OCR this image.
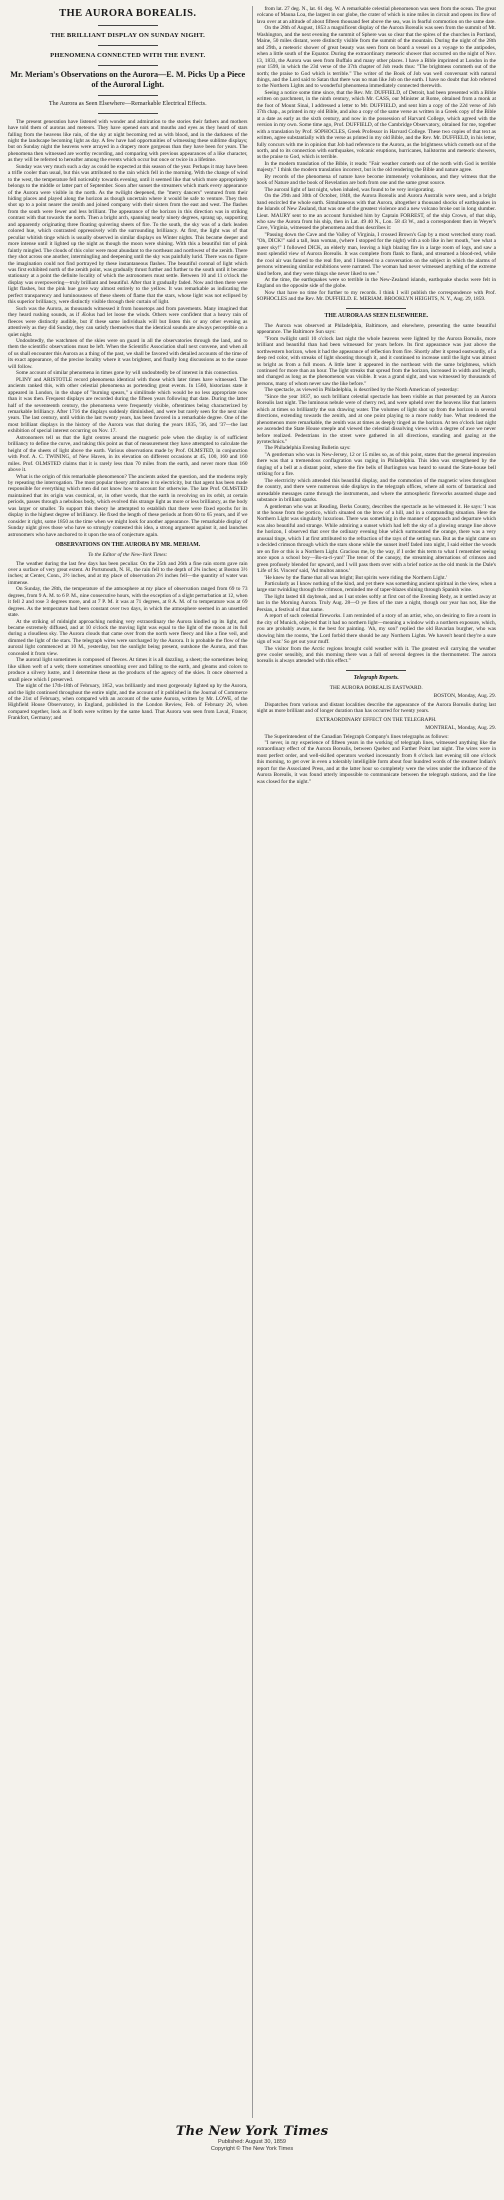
THE AURORA BOREALIS.
THE BRILLIANT DISPLAY ON SUNDAY NIGHT.
PHENOMENA CONNECTED WITH THE EVENT.
Mr. Meriam's Observations on the Aurora—E. M. Picks Up a Piece of the Auroral Light.
The Aurora as Seen Elsewhere—Remarkable Electrical Effects.

The present generation have listened with wonder and admiration to the stories their fathers and mothers have told them of auroras and meteors. They have opened ears and mouths and eyes as they heard of stars falling from the heavens like rain, of the sky at night becoming red as with blood, and in the darkness of the night the landscape becoming light as day. A few have had opportunities of witnessing these sublime displays; but on Sunday night the heavens were arrayed in a drapery more gorgeous than they have been for years. The phenomena then witnessed are worthy recording, and comparing with previous appearances of a like character, as they will be referred to hereafter among the events which occur but once or twice in a lifetime.

Sunday was very much such a day as could be expected at this season of the year. Perhaps it may have been a trifle cooler than usual, but this was attributed to the rain which fell in the morning. With the change of wind to the west, the temperature fell noticeably towards evening, until it seemed like that which more appropriately belongs to the middle or latter part of September. Soon after sunset the streamers which mark every appearance of the Aurora were visible in the north. As the twilight deepened, the "merry dancers" ventured from their hiding places and played along the horizon as though uncertain where it would be safe to venture. They then shot up to a point nearer the zenith and joined company with their sisters from the east and west. The flashes from the south were fewer and less brilliant. The appearance of the horizon in this direction was in striking contrast with that towards the north. Then a bright arch, spanning nearly ninety degrees, sprang up, supporting and apparently originating three floating quivering sheets of fire. To the south, the sky was of a dark leaden colored hue, which contrasted oppressively with the surrounding brilliancy. At first, the light was of that peculiar whitish tinge which is usually observed in similar displays on Winter nights. This became deeper and more intense until it lighted up the night as though the moon were shining. With this a beautiful tint of pink faintly mingled. The clouds of this color were most abundant to the northeast and northwest of the zenith. There they shot across one another, intermingling and deepening until the sky was painfully lurid. There was no figure the imagination could not find portrayed by these instantaneous flashes. The beautiful coronal of light which was first exhibited north of the zenith point, was gradually thrust further and further to the south until it became stationary at a point the definite locality of which the astronomers must settle. Between 10 and 11 o'clock the display was overpowering—truly brilliant and beautiful. After that it gradually faded. Now and then there were light flashes, but the pink hue gave way almost entirely to the yellow. It was remarkable as indicating the perfect transparency and luminousness of these sheets of flame that the stars, whose light was not eclipsed by this superior brilliancy, were distinctly visible through their curtain of light.

Such was the Aurora, as thousands witnessed it from housetops and from pavements. Many imagined that they heard rushing sounds, as if Æolus had let loose the winds. Others were confident that a heavy rain of fleeces were distinctly audible, but if these same individuals will but listen this or any other evening as attentively as they did Sunday, they can satisfy themselves that the identical sounds are always perceptible on a quiet night.

Undoubtedly, the watchmen of the skies were on guard in all the observatories through the land, and to them the scientific observations must be left. When the Scientific Association shall next convene, and when all of us shall encounter this Aurora as a thing of the past, we shall be favored with detailed accounts of the time of its exact appearance, of the precise locality where it was brightest, and finally long discussions as to the cause will follow.

Some account of similar phenomena in times gone by will undoubtedly be of interest in this connection.

PLINY and ARISTOTLE record phenomena identical with those which later times have witnessed. The ancients ranked this, with other celestial phenomena as portending great events. In 1560, historians state it appeared in London, in the shape of "burning spears," a similitude which would be no less appropriate now than it was then. Frequent displays are recorded during the fifteen years following that date. During the latter half of the seventeenth century, the phenomena were frequently visible, oftentimes being characterized by remarkable brilliancy. After 1716 the displays suddenly diminished, and were but rarely seen for the next nine years. The last century, until within the last twenty years, has been favored in a remarkable degree. One of the most brilliant displays in the history of the Aurora was that during the years 1835, '36, and '37—the last exhibition of special interest occurring on Nov. 17.

Astronomers tell us that the light centres around the magnetic pole when the display is of sufficient brilliancy to define the curve, and taking this point as that of measurement they have attempted to calculate the height of the sheets of light above the earth. Various observations made by Prof. OLMSTED, in conjunction with Prof. A. C. TWINING, of New Haven, in its elevation on different occasions at 45, 100, 160 and 160 miles. Prof. OLMSTED claims that it is rarely less than 70 miles from the earth, and never more than 160 above it.

What is the origin of this remarkable phenomenon? The ancients asked the question, and the moderns reply by repeating the interrogation. The most popular theory attributes it to electricity, but that agent has been made responsible for everything which men did not know how to account for otherwise. The late Prof. OLMSTED maintained that its origin was cosmical, or, in other words, that the earth in revolving on its orbit, at certain periods, passes through a nebulous body, which evolved this strange light as more or less brilliancy, as the body was larger or smaller. To support this theory he attempted to establish that there were fixed epochs for its display in the highest degree of brilliancy. He fixed the length of these periods at from 60 to 65 years, and if we consider it right, some 1850 as the time when we might look for another appearance. The remarkable display of Sunday night gives those who have so strongly contested this idea, a strong argument against it, and launches astronomers who have anchored to it upon the sea of conjecture again.

OBSERVATIONS ON THE AURORA BY MR. MERIAM.
To the Editor of the New-York Times:

The weather during the last few days has been peculiar. On the 25th and 26th a fine rain storm gave rain over a surface of very great extent. At Portsmouth, N. H., the rain fell to the depth of 2¾ inches; at Boston 3½ inches; at Center, Conn., 2½ inches, and at my place of observation 2½ inches fell—the quantity of water was immense.

On Sunday, the 28th, the temperature of the atmosphere at my place of observation ranged from 69 to 73 degrees, from 9 A. M. to 6 P. M., nine consecutive hours, with the exception of a slight perturbation at 12, when it fell 2 and rose 3 degrees more, and at 7 P. M. it was at 71 degrees, at 8 A. M. of to temperature was at 69 degrees. As the temperature had been constant over two days, in which the atmosphere seemed in an unsettled state.

At the striking of midnight approaching nothing very extraordinary the Aurora kindled up its light, and became extremely diffused, and at 10 o'clock the moving light was equal to the light of the moon at its full during a cloudless sky. The Aurora clouds that came over from the north were fleecy and like a fine veil, and dimmed the light of the stars. The telegraph wires were surcharged by the Aurora. It is probable the flow of the auroral light commenced at 10 M., yesterday, but the sunlight being present, outshone the Aurora, and thus concealed it from view.

The auroral light sometimes is composed of fleeces. At times it is all dazzling, a sheet; the sometimes being like silken weft of a web; there sometimes smoothing over and falling to the earth, and gleams and colors to produce a silvery lustre, and I determine these as the products of the agency of the skies. It once observed a small piece which I preserved.

The night of the 17th-18th of February, 1852, was brilliantly and most gorgeously lighted up by the Aurora, and the light continued throughout the entire night, and the account of it published in the Journal of Commerce of the 21st of February, when compared with an account of the same Aurora, written by Mr. LOWE, of the Highfield House Observatory, in England, published in the London Review, Feb. of February 26, when compared together, look as if both were written by the same hand. That Aurora was seen from Laval, France; Frankfort, Germany; and

from lat. 27 deg. N., lat. 61 deg. W. A remarkable celestial phenomenon was seen from the ocean. The great volcano of Mauna Loa, the largest in our globe, the crater of which is nine miles in circuit and opens its flow of lava over at an altitude of about fifteen thousand feet above the sea, was in fearful commotion on the same date.

On the 28th of August, 1853 a magnificent display of the Aurora Borealis was seen from the summit of Mt. Washington, and the next evening the summit of Sphere was so clear that the spires of the churches in Portland, Maine, 50 miles distant, were distinctly visible from the summit of the mountain. During the night of the 28th and 29th, a meteoric shower of great beauty was seen from on board a vessel on a voyage to the antipodes, when a little south of the Equator. During the extraordinary meteoric shower that occurred on the night of Nov. 13, 1833, the Aurora was seen from Buffalo and many other places. I have a Bible imprinted at London in the year 1599, in which the 23d verse of the 37th chapter of Job reads thus: "The brightness commeth out of the north; the praise to God which is terrible." The writer of the Book of Job was well conversant with natural things, and the Lord said to Satan that there was no man like Job on the earth. I have no doubt that Job referred to the Northern Lights and to wonderful phenomena immediately connected therewith.

Seeing a notice some time since, that the Rev. Mr. DUFFIELD, of Detroit, had been presented with a Bible written on parchment, in the ninth century, which Mr. CASS, our Minister at Rome, obtained from a monk at the foot of Mount Sinai, I addressed a letter to Mr. DUFFIELD, and sent him a copy of the 22d verse of Job 37th chap., as printed in my old Bible, and also a copy of the same verse as written in a Greek copy of the Bible at a date as early as the sixth century, and now in the possession of Harvard College, which agreed with the version in my own. Some time ago, Prof. DUFFIELD, of the Cambridge Observatory, obtained for me, together with a translation by Prof. SOPHOCLES, Greek Professor in Harvard College. These two copies of that text as written, agree substantially with the verse as printed in my old Bible, and the Rev. Mr. DUFFIELD, in his letter, fully concurs with me in opinion that Job had reference to the Aurora, as the brightness which cometh out of the north, and to its connection with earthquakes, volcanic eruptions, hurricanes, hailstorms and meteoric showers, as the praise to God, which is terrible.

In the modern translation of the Bible, it reads: "Fair weather cometh out of the north with God is terrible majesty." I think the modern translation incorrect, but is the old rendering the Bible and nature agree.

By records of the phenomena of nature have become immensely voluminous, and they witness that the book of Nature and the book of Revelation are both from one and the same great source.

The auroral light of last night, when inhaled, was found to be very invigorating.

On the 29th and 30th of October, 1848, the Aurora Borealis and Aurora Australis were seen, and a bright band encircled the whole earth. Simultaneous with that Aurora, altogether a thousand shocks of earthquakes in the Islands of New Zealand, that was one of the greatest violence and a new volcano broke out in long slumber. Lieut. MAURY sent to me an account furnished him by Captain FORREST, of the ship Crown, of that ship, who saw the Aurora from his ship, then in Lat. 49 40 N., Lon. 58 43 W., and a correspondent then in Weyer's Cave, Virginia, witnessed the phenomena and thus describes it:

"Passing down the Cave and the Valley of Virginia, I crossed Brown's Gap by a most wretched stony road. "Oh, DICK!" said a tall, lean woman, (where I stopped for the night) with a sob like in her mouth, "see what a queer sky!" I followed DICK, an elderly man, leaving a high blazing fire in a large room of logs, and saw a most splendid view of Aurora Borealis. It was complete from flank to flank, and streamed a blood-red, while the cool air was fanned to the real fire, and I listened to a conversation on the subject in which the alarms of persons witnessing similar exhibitions were narrated. The woman had never witnessed anything of the extreme kind before, and they were things she never liked to see."

At the time, the earthquakes were so terrible in the New-Zealand islands, earthquake shocks were felt in England on the opposite side of the globe.

Now that have no time for further to my records. I think I will publish the correspondence with Prof. SOPHOCLES and the Rev. Mr. DUFFIELD. E. MERIAM. BROOKLYN HEIGHTS, N. Y., Aug. 29, 1859.

THE AURORA AS SEEN ELSEWHERE.

The Aurora was observed at Philadelphia, Baltimore, and elsewhere, presenting the same beautiful appearance. The Baltimore Sun says:

"From twilight until 10 o'clock last night the whole heavens were lighted by the Aurora Borealis, more brilliant and beautiful than had been witnessed for years before. Its first appearance was just above the northwestern horizon, when it had the appearance of reflection from fire. Shortly after it spread eastwardly, of a deep red color, with streaks of light shooting through it, and it continued to increase until the light was almost as bright as from a full moon. A little later it appeared in the northeast with the same brightness, which continued for more than an hour. The light streaks that spread from the horizon, increased in width and length, and changed as long as the phenomenon was visible. It was a grand sight, and was witnessed by thousands of persons, many of whom never saw the like before."

The spectacle, as viewed in Philadelphia, is described by the North American of yesterday:

"Since the year 1837, no such brilliant celestial spectacle has been visible as that presented by an Aurora Borealis last night. The luminous nebule were of cherry red, and were upheld over the heavens like that lantern which at times so brilliantly the sun drawing water. The volumes of light shot up from the horizon in several directions, extending towards the zenith, and at one point playing to a more ruddy hue. What rendered the phenomenon more remarkable, the zenith was at times as deeply tinged as the horizon. At ten o'clock last night we ascended the State House steeple and viewed the celestial dissolving views with a degree of awe we never before realized. Pedestrians in the street were gathered in all directions, standing and gazing at the pyrotechnics."

The Philadelphia Evening Bulletin says:

"A gentleman who was in New-Jersey, 12 or 15 miles so, as of this point, states that the general impression there was that a tremendous conflagration was raging in Philadelphia. This idea was strengthened by the ringing of a bell at a distant point, where the fire bells of Burlington was heard to sound the State-house bell striking for a fire.

The electricity which attended this beautiful display, and the commotion of the magnetic wires throughout the country, and there were numerous side displays in the telegraph offices, where all sorts of fantastical and unreadable messages came through the instruments, and where the atmospheric fireworks assumed shape and substance in brilliant sparks.

A gentleman who was at Reading, Berks County, describes the spectacle as he witnessed it. He says: 'I was at the house from the portico, which situated on the brow of a hill, and in a commanding situation. Here the Northern Light was singularly luxurious. There was something in the manner of approach and departure which was also beautiful and strange. While admiring a sunset which had left the sky of a glowing orange line above the horizon, I observed that over the ordinary evening blue which surmounted the orange, there was a very unusual tinge, which I at first attributed to the refraction of the rays of the setting sun. But as the night came on a decided crimson through which the stars shone while the sunset itself faded into night, I said either the woods are on fire or this is a Northern Light. Gracious me, by the way, if I order this term to what I remember seeing once upon a school boy—Bo-ra-ri-yan!' The tenor of the canopy, the streaming alternations of crimson and green profusely blended for upward, and I will pass them over with a brief notice as the old monk in the Dale's 'Life of St. Vincent' said, 'Ad multos annos.'

'He knew by the flame that all was bright; But spirits were riding the Northern Light.'

Particularly as I know nothing of the kind, and yet there was something ancient spiritual in the view, when a large star twinkling through the crimson, reminded me of taper-blazes shining through Spanish wine.

The light lasted till daybreak, and as I sat stoles softly at first out of the Evening Redy, as it settled away at last in the Morning Aurora. Truly Aug. 28—O ye fires of the rare a night, though our year has not, like the Persian, a festival of that name.

A report of such celestial fireworks. I am reminded of a story of an artist, who, on desiring to fire a room in the city of Munich, objected that it had no northern light—meaning a window with a northern exposure, which, you are probably aware, is the best for painting. 'Ah, my son!' replied the old Bavarian burgher, who was showing him the rooms, 'the Lord forbid there should be any Northern Lights. We haven't heard they're a sure sign of war.' So get out your muff.

The visitor from the Arctic regions brought cold weather with it. The greatest evil carrying the weather grew cooler sensibly, and this morning there was a fall of several degrees in the thermometer. The aurora borealis is always attended with this effect."

Telegraph Reports.
THE AURORA BOREALIS EASTWARD.
BOSTON, Monday, Aug. 29.

Dispatches from various and distant localities describe the appearance of the Aurora Borealis during last night as more brilliant and of longer duration than has occurred for twenty years.

EXTRAORDINARY EFFECT ON THE TELEGRAPH.
MONTREAL, Monday, Aug. 29.

The Superintendent of the Canadian Telegraph Company's lines telegraphs as follows:

"I never, in my experience of fifteen years in the working of telegraph lines, witnessed anything like the extraordinary effect of the Aurora Borealis, between Quebec and Farther Point last night. The wires were in most perfect order, and well-skilled operators worked incessantly from 8 o'clock last evening till one o'clock this morning, to get over in even a tolerably intelligible form about four hundred words of the steamer Indian's report for the Associated Press, and at the latter hour so completely were the wires under the influence of the Aurora Borealis, it was found utterly impossible to communicate between the telegraph stations, and the line was closed for the night."

The New York Times
Published: August 30, 1859
Copyright © The New York Times
